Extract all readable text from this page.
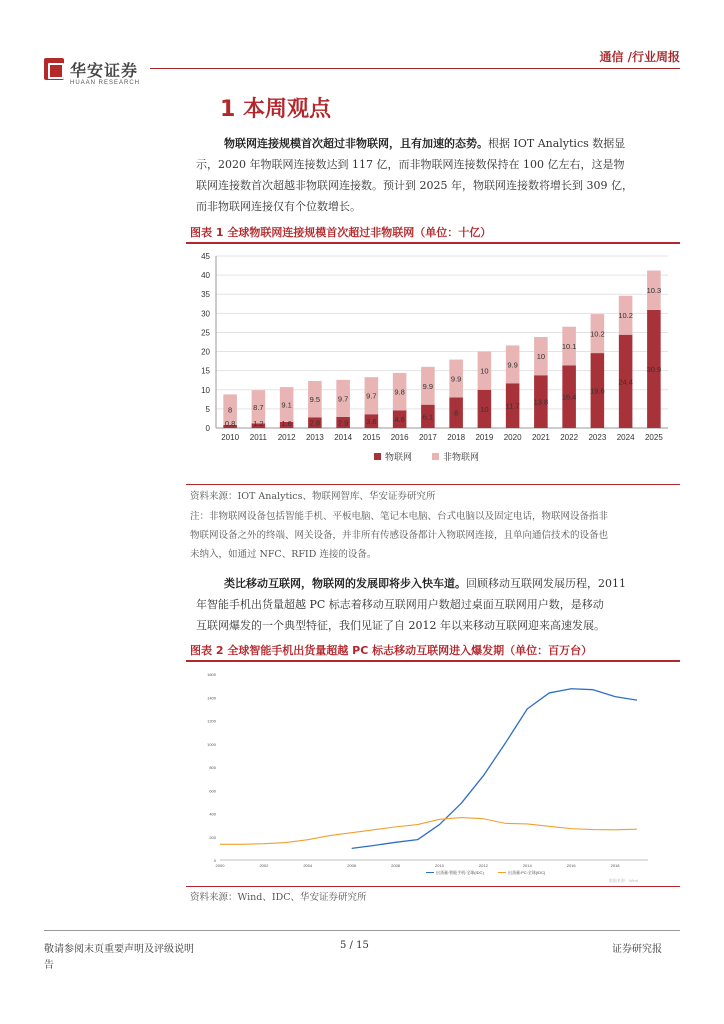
华安证券
HUAAN RESEARCH
通信 /行业周报
1 本周观点
物联网连接规模首次超过非物联网，且有加速的态势。根据 IOT Analytics 数据显
示，2020 年物联网连接数达到 117 亿，而非物联网连接数保持在 100 亿左右，这是物
联网连接数首次超越非物联网连接数。预计到 2025 年，物联网连接数将增长到 309 亿，
而非物联网连接仅有个位数增长。
图表 1 全球物联网连接规模首次超过非物联网（单位：十亿）
0
5
10
15
20
25
30
35
40
45
0.8
8
1.2
8.7
1.6
9.1
2.8
9.5
2.9
9.7
3.6
9.7
4.6
9.8
6.1
9.9
8
9.9
10
10
11.7
9.9
13.8
10
16.4
10.1
19.6
10.2
24.4
10.2
30.9
10.3
2010 2011 2012 2013 2014 2015 2016 2017 2018 2019 2020 2021 2022 2023 2024 2025
物联网	非物联网
资料来源：IOT Analytics、物联网智库、华安证券研究所
注：非物联网设备包括智能手机、平板电脑、笔记本电脑、台式电脑以及固定电话，物联网设备指非
物联网设备之外的终端、网关设备，并非所有传感设备都计入物联网连接，且单向通信技术的设备也
未纳入，如通过 NFC、RFID 连接的设备。
类比移动互联网，物联网的发展即将步入快车道。回顾移动互联网发展历程，2011
年智能手机出货量超越 PC 标志着移动互联网用户数超过桌面互联网用户数，是移动
互联网爆发的一个典型特征，我们见证了自 2012 年以来移动互联网迎来高速发展。
图表 2 全球智能手机出货量超越 PC 标志移动互联网进入爆发期（单位：百万台）
0
200
400
600
800
1000
1200
1400
1600
2000	2002	2004	2006	2008	2010	2012	2014	2016	2018
出货量:智能手机:全球(IDC)	出货量:PC:全球(IDC)
数据来源：Wind
资料来源：Wind、IDC、华安证券研究所
敬请参阅末页重要声明及评级说明
告
5 / 15	证券研究报
